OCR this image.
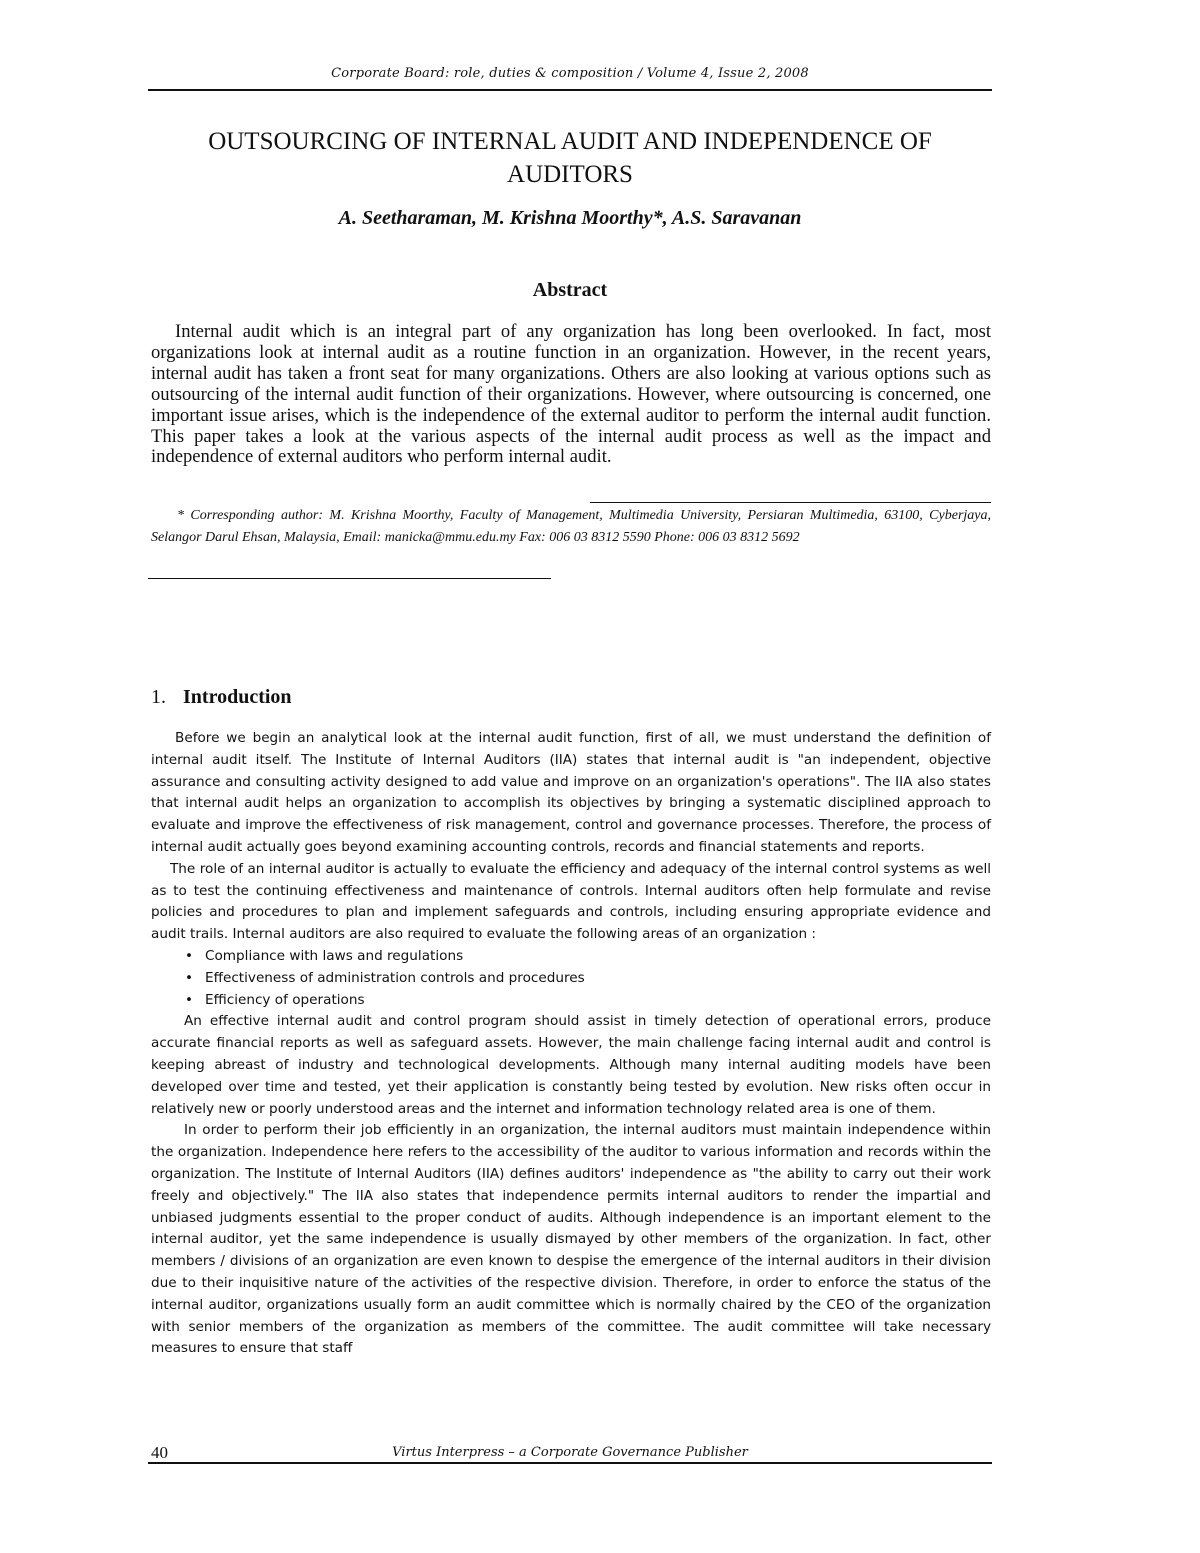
Corporate Board: role, duties & composition / Volume 4, Issue 2, 2008
OUTSOURCING OF INTERNAL AUDIT AND INDEPENDENCE OF AUDITORS
A. Seetharaman, M. Krishna Moorthy*, A.S. Saravanan
Abstract

Internal audit which is an integral part of any organization has long been overlooked. In fact, most organizations look at internal audit as a routine function in an organization. However, in the recent years, internal audit has taken a front seat for many organizations. Others are also looking at various options such as outsourcing of the internal audit function of their organizations. However, where outsourcing is concerned, one important issue arises, which is the independence of the external auditor to perform the internal audit function. This paper takes a look at the various aspects of the internal audit process as well as the impact and independence of external auditors who perform internal audit.

* Corresponding author: M. Krishna Moorthy, Faculty of Management, Multimedia University, Persiaran Multimedia, 63100, Cyberjaya, Selangor Darul Ehsan, Malaysia, Email: manicka@mmu.edu.my Fax: 006 03 8312 5590 Phone: 006 03 8312 5692

1. Introduction

Before we begin an analytical look at the internal audit function, first of all, we must understand the definition of internal audit itself. The Institute of Internal Auditors (IIA) states that internal audit is "an independent, objective assurance and consulting activity designed to add value and improve on an organization's operations". The IIA also states that internal audit helps an organization to accomplish its objectives by bringing a systematic disciplined approach to evaluate and improve the effectiveness of risk management, control and governance processes. Therefore, the process of internal audit actually goes beyond examining accounting controls, records and financial statements and reports.

The role of an internal auditor is actually to evaluate the efficiency and adequacy of the internal control systems as well as to test the continuing effectiveness and maintenance of controls. Internal auditors often help formulate and revise policies and procedures to plan and implement safeguards and controls, including ensuring appropriate evidence and audit trails. Internal auditors are also required to evaluate the following areas of an organization :

• Compliance with laws and regulations
• Effectiveness of administration controls and procedures
• Efficiency of operations

An effective internal audit and control program should assist in timely detection of operational errors, produce accurate financial reports as well as safeguard assets. However, the main challenge facing internal audit and control is keeping abreast of industry and technological developments. Although many internal auditing models have been developed over time and tested, yet their application is constantly being tested by evolution. New risks often occur in relatively new or poorly understood areas and the internet and information technology related area is one of them.

In order to perform their job efficiently in an organization, the internal auditors must maintain independence within the organization. Independence here refers to the accessibility of the auditor to various information and records within the organization. The Institute of Internal Auditors (IIA) defines auditors' independence as "the ability to carry out their work freely and objectively." The IIA also states that independence permits internal auditors to render the impartial and unbiased judgments essential to the proper conduct of audits. Although independence is an important element to the internal auditor, yet the same independence is usually dismayed by other members of the organization. In fact, other members / divisions of an organization are even known to despise the emergence of the internal auditors in their division due to their inquisitive nature of the activities of the respective division. Therefore, in order to enforce the status of the internal auditor, organizations usually form an audit committee which is normally chaired by the CEO of the organization with senior members of the organization as members of the committee. The audit committee will take necessary measures to ensure that staff

40	Virtus Interpress – a Corporate Governance Publisher
